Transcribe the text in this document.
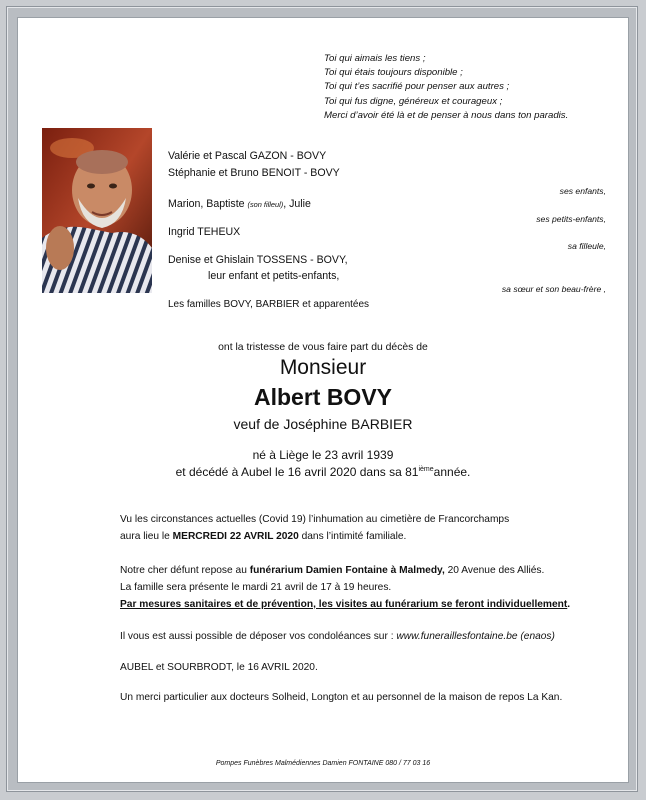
Toi qui aimais les tiens ;
Toi qui étais toujours disponible ;
Toi qui t’es sacrifié pour penser aux autres ;
Toi qui fus digne, généreux et courageux ;
Merci d’avoir été là et de penser à nous dans ton paradis.
Valérie et Pascal GAZON - BOVY
Stéphanie et Bruno BENOIT - BOVY
ses enfants,
Marion, Baptiste (son filleul), Julie
ses petits-enfants,
Ingrid TEHEUX
sa filleule,
Denise et Ghislain TOSSENS - BOVY,
leur enfant et petits-enfants,
sa sœur et son beau-frère ,
Les familles BOVY, BARBIER et apparentées
ont la tristesse de vous faire part du décès de
Monsieur
Albert BOVY
veuf de Joséphine BARBIER
né à Liège le 23 avril 1939
et décédé à Aubel le 16 avril 2020 dans sa 81ièmeannée.
Vu les circonstances actuelles (Covid 19) l’inhumation au cimetière de Francorchamps
aura lieu le MERCREDI 22 AVRIL 2020 dans l’intimité familiale.
Notre cher défunt repose au funérarium Damien Fontaine à Malmedy, 20 Avenue des Alliés.
La famille sera présente le mardi 21 avril de 17 à 19 heures.
Par mesures sanitaires et de prévention, les visites au funérarium se feront individuellement.
Il vous est aussi possible de déposer vos condoléances sur : www.funeraillesfontaine.be (enaos)
AUBEL et SOURBRODT, le 16 AVRIL 2020.
Un merci particulier aux docteurs Solheid, Longton et au personnel de la maison de repos La Kan.
Pompes Funèbres Malmédiennes Damien FONTAINE 080 / 77 03 16
